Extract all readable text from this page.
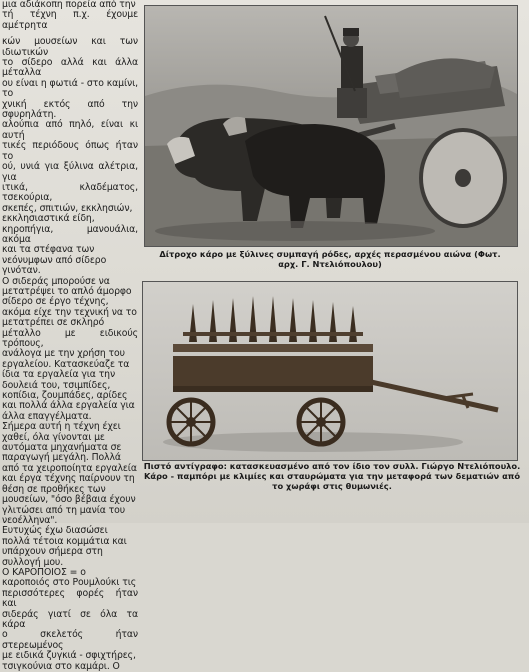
μια αδιάκοπη πορεία από την

τή τέχνη π.χ. έχουμε αμέτρητα

κών μουσείων και των ιδιωτικών

το σίδερο αλλά και άλλα μέταλλα

ου είναι η φωτιά - στο καμίνι, το

χνική εκτός από την σφυρηλάτη.

αλούπια από πηλό, είναι κι αυτή

τικές περιόδους όπως ήταν το

ού, υνιά για ξύλινα αλέτρια, για

ιτικά, κλαδέματος, τσεκούρια,

σκεπές, σπιτιών, εκκλησιών,

εκκλησιαστικά είδη,

κηροπήγια, μανουάλια, ακόμα

και τα στέφανα των

νεόνυμφων από σίδερο

γινόταν.

Ο σιδεράς μπορούσε να

μετατρέψει το απλό άμορφο

σίδερο σε έργο τέχνης,

ακόμα είχε την τεχνική να το

μετατρέπει σε σκληρό

μέταλλο με ειδικούς τρόπους,

ανάλογα με την χρήση του

εργαλείου. Κατασκεύαζε τα

ίδια τα εργαλεία για την

δουλειά του, τσιμπίδες,

κοπίδια, ζουμπάδες, αρίδες

και πολλά άλλα εργαλεία για

άλλα επαγγέλματα.

Σήμερα αυτή η τέχνη έχει

χαθεί, όλα γίνονται με

αυτόματα μηχανήματα σε

παραγωγή μεγάλη. Πολλά

από τα χειροποίητα εργαλεία

και έργα τέχνης παίρνουν τη

θέση σε προθήκες των

μουσείων, "όσο βέβαια έχουν

γλιτώσει από τη μανία του

νεοέλληνα".

Ευτυχώς έχω διασώσει

πολλά τέτοια κομμάτια και

υπάρχουν σήμερα στη

συλλογή μου.

Ο ΚΑΡΟΠΟΙΟΣ = ο

καροποιός στο Ρουμλούκι τις

περισσότερες φορές ήταν και

σιδεράς γιατί σε όλα τα κάρα

ο σκελετός ήταν στερεωμένος

με ειδικά ζυγκιά - σφιχτήρες,

τσιγκούνια στο καμάρι. Ο

Δίτροχο κάρο με ξύλινες συμπαγή ρόδες, αρχές περασμένου αιώνα (Φωτ. αρχ. Γ. Ντελιόπουλου)
Πιστό αντίγραφο: κατασκευασμένο από τον ίδιο τον συλλ. Γιώργο Ντελιόπουλο. Κάρο - παμπόρι με κλιμίες και σταυρώματα για την μεταφορά των δεματιών από το χωράφι στις θυμωνιές.
